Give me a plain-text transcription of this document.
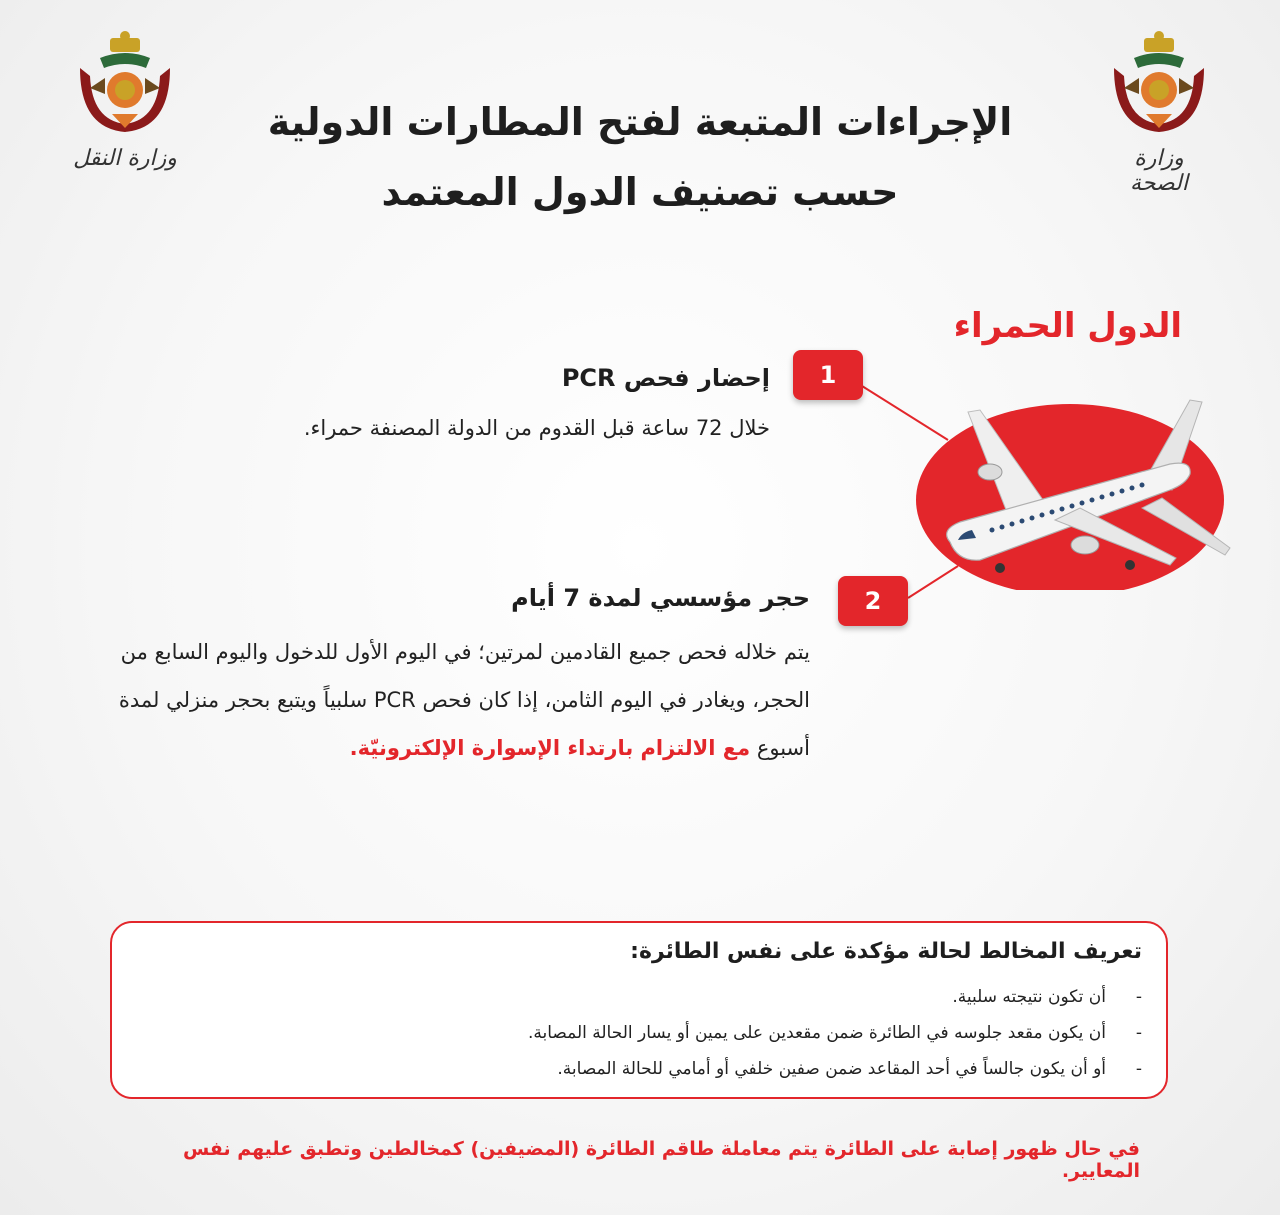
وزارة النقل	وزارة الصحة
الإجراءات المتبعة لفتح المطارات الدولية
حسب تصنيف الدول المعتمد
الدول الحمراء
1
إحضار فحص PCR
خلال 72 ساعة قبل القدوم من الدولة المصنفة حمراء.
2
حجر مؤسسي لمدة 7 أيام
يتم خلاله فحص جميع القادمين لمرتين؛ في اليوم الأول للدخول واليوم السابع من الحجر، ويغادر في اليوم الثامن، إذا كان فحص PCR سلبياً ويتبع بحجر منزلي لمدة أسبوع مع الالتزام بارتداء الإسوارة الإلكترونيّة.
تعريف المخالط لحالة مؤكدة على نفس الطائرة:
- أن تكون نتيجته سلبية.
- أن يكون مقعد جلوسه في الطائرة ضمن مقعدين على يمين أو يسار الحالة المصابة.
- أو أن يكون جالساً في أحد المقاعد ضمن صفين خلفي أو أمامي للحالة المصابة.
في حال ظهور إصابة على الطائرة يتم معاملة طاقم الطائرة (المضيفين) كمخالطين وتطبق عليهم نفس المعايير.
